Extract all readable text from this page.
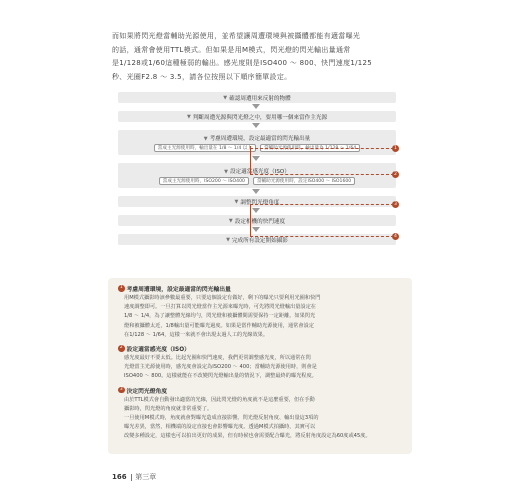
而如果將閃光燈當輔助光源使用，並希望讓周遭環境與被攝體都能有適當曝光

的話，通常會使用TTL模式。但如果是用M模式，閃光燈的閃光輸出量通常

是1/128或1/60這種極弱的輸出。感光度則是ISO400 ～ 800、快門速度1/125

秒、光圈F2.8 ～ 3.5，請各位按照以下順序簡單設定。

▼ 確認周遭用來反射的物體
▼ 判斷周遭光源與閃光燈之中，要用哪一個來當作主光源
▼ 考慮周遭環境，設定最適當的閃光輸出量
當成主光源使用時，輸出量在 1/8 ～ 1/4 以上	當輔助光源使用時，輸出量為 1/128 ～ 1/64
▼ 設定適當感光度（ISO）
當成主光源使用時，ISO200 ～ ISO400	當輔助光源使用時，設定ISO400 ～ ISO1600
▼ 調整閃光燈角度
▼ 設定相機的快門速度
▼ 完成所有設定開始攝影
1
2
3
4
1 考慮周遭環境，設定最適當的閃光輸出量

用M模式攝影時該參數最重要，只要這個設定有做好，剩下的曝光只要利用光圈和快門

速度調整即可。一旦打算以閃光燈當作主光源來曝光時，可先將閃光燈輸出量設定在

1/8 ～ 1/4，為了讓整體光線均勻，閃光燈和被攝體間需要保持一定距離。如果閃光

燈和被攝體太近，1/8輸出量可能曝光過度。如果是當作輔助光源使用，通常會設定

在1/128 ～ 1/64，這樣一來就不會出現太過人工的光線效果。

2 設定適當感光度（ISO）

感光度最好不要太低。比起光圈和快門速度，我們更常調整感光度，所以通常在閃

光燈當主光源使用時，感光度會設定為ISO200 ～ 400；當輔助光源使用時，則會是

ISO400 ～ 800。這樣就能在不改變閃光燈輸出量的情況下，調整最終的曝光程度。

3 決定閃光燈角度

由於TTL模式會自動發出適當的光線，因此閃光燈的角度就不是這麼重要，但在手動

攝影時，閃光燈的角度就非常重要了。

一旦使用M模式時，角度就會對曝光造成直接影響。閃光燈反射角度、輸出量這3項的

曝光差異，當然，相機端的設定直接也會影響曝光度。透過M模式拍攝時，其實可以

改變多種設定，這樣也可以拍出更好的成果，但有時候也會需要配合曝光，將反射角度設定為60度或45度。

166 第三章
